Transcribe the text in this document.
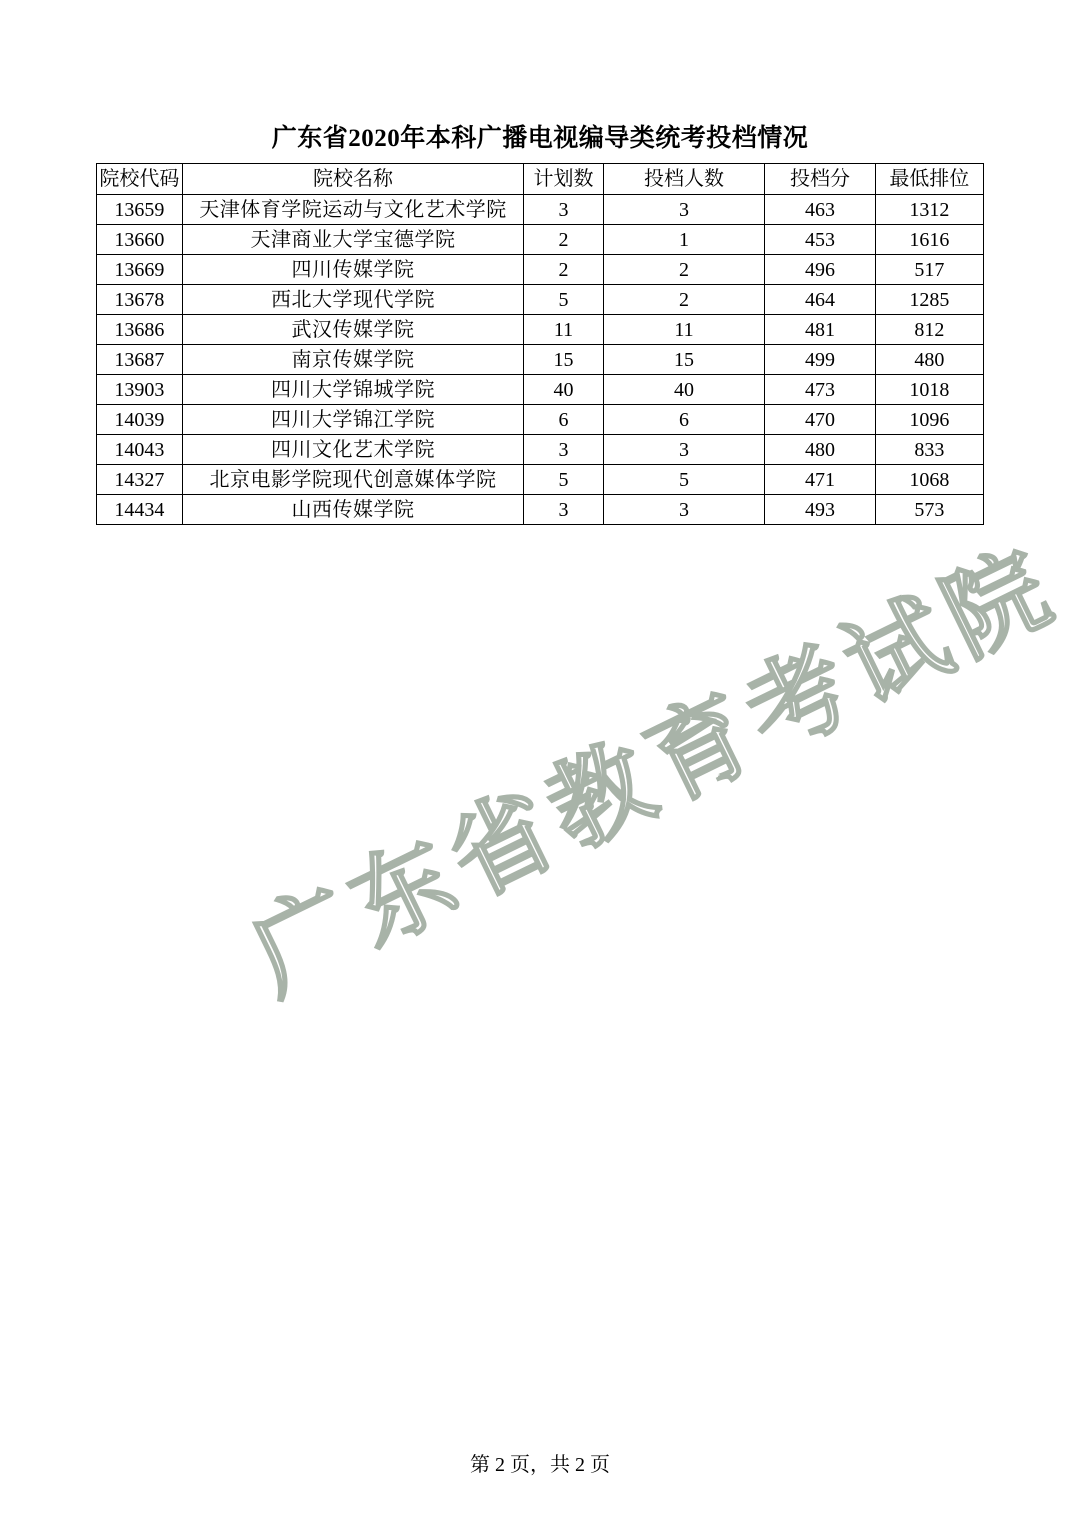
广东省2020年本科广播电视编导类统考投档情况
院校代码	院校名称	计划数	投档人数	投档分	最低排位
13659	天津体育学院运动与文化艺术学院	3	3	463	1312
13660	天津商业大学宝德学院	2	1	453	1616
13669	四川传媒学院	2	2	496	517
13678	西北大学现代学院	5	2	464	1285
13686	武汉传媒学院	11	11	481	812
13687	南京传媒学院	15	15	499	480
13903	四川大学锦城学院	40	40	473	1018
14039	四川大学锦江学院	6	6	470	1096
14043	四川文化艺术学院	3	3	480	833
14327	北京电影学院现代创意媒体学院	5	5	471	1068
14434	山西传媒学院	3	3	493	573
广东省教育考试院
第 2 页，共 2 页
